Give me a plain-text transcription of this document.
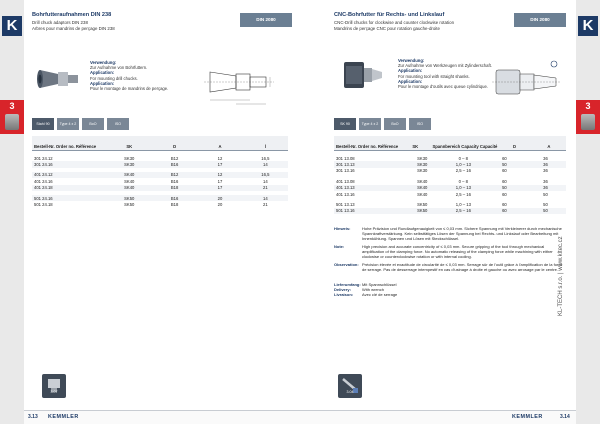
K
3
Bohrfutteraufnahmen DIN 238
Drill chuck adaptors DIN 238
Arbres pour mandrins de perçage DIN 238
DIN 2080
Verwendung:
Zur Aufnahme von Bohrfuttern.
Application:
For mounting drill chucks.
Application:
Pour le montage de mandrins de perçage.
Stahl 90	Type 4 x 2	BoO	ISO
Bestell-Nr. Order no. Référence	SK	D	A	l
301 24.12	SK30	B12	12	16,5
301 24.16	SK30	B16	17	14
401 24.12	SK40	B12	12	16,5
401 24.16	SK40	B16	17	14
401 24.18	SK40	B18	17	21
501 24.16	SK50	B16	20	14
501 24.18	SK50	B18	20	21
3.07
3.13 KEMMLER
CNC-Bohrfutter für Rechts- und Linkslauf
CNC-Drill chucks for clockwise and counter clockwise rotation
Mandrins de perçage CNC pour rotation gauche-droite
DIN 2080
Verwendung:
Zur Aufnahme von Werkzeugen mit Zylinderschaft.
Application:
For mounting tool with straight shanks.
Application:
Pour le montage d'outils avec queue cylindrique.
SK 90	Type 4 x 2	BoO	ISO
Bestell-Nr. Order no. Référence	SK	Spannbereich Capacity Capacité	D	A
301 13.08	SK30	0 – 8	60	36
301 13.13	SK30	1,0 – 13	50	36
301 13.16	SK30	2,5 – 16	60	36
401 13.08	SK40	0 – 8	60	36
401 13.13	SK40	1,0 – 13	50	36
401 13.16	SK40	2,5 – 16	60	50
501 13.13	SK50	1,0 – 13	60	50
501 13.16	SK50	2,5 – 16	60	50
Hinweis:	Hohe Präzision und Rundlaufgenauigkeit von ≤ 0,03 mm. Sichere Spannung mit Verkleinerer durch mechanische Spannkraftverstärkung. Kein selbsttätiges Lösen der Spannung bei Rechts- und Linkslauf oder Bearbeitung mit Innenkühlung. Spannen und Lösen mit Steckschlüssel.
Note:	High precision and accurate concentricity of ≤ 0,03 mm. Secure gripping of the tool through mechanical amplification of the clamping force. No automatic releasing of the clamping force while machining with either clockwise or counterclockwise rotation or with internal cooling.
Observation: Précision élevée et exactitude de circularité de ≤ 0,03 mm. Serrage sûr de l'outil grâce à l'amplification de la force de serrage. Pas de desserrage intempestif en cas d'usinage à droite et gauche ou avec arrosage par le centre.
Lieferumfang: Mit Spannschlüssel
Delivery:	With wrench
Livraison:	Avec clé de serrage	KL-TECH s.r.o. | www.kltec.cz
3.04
KEMMLER	3.14
K
3
